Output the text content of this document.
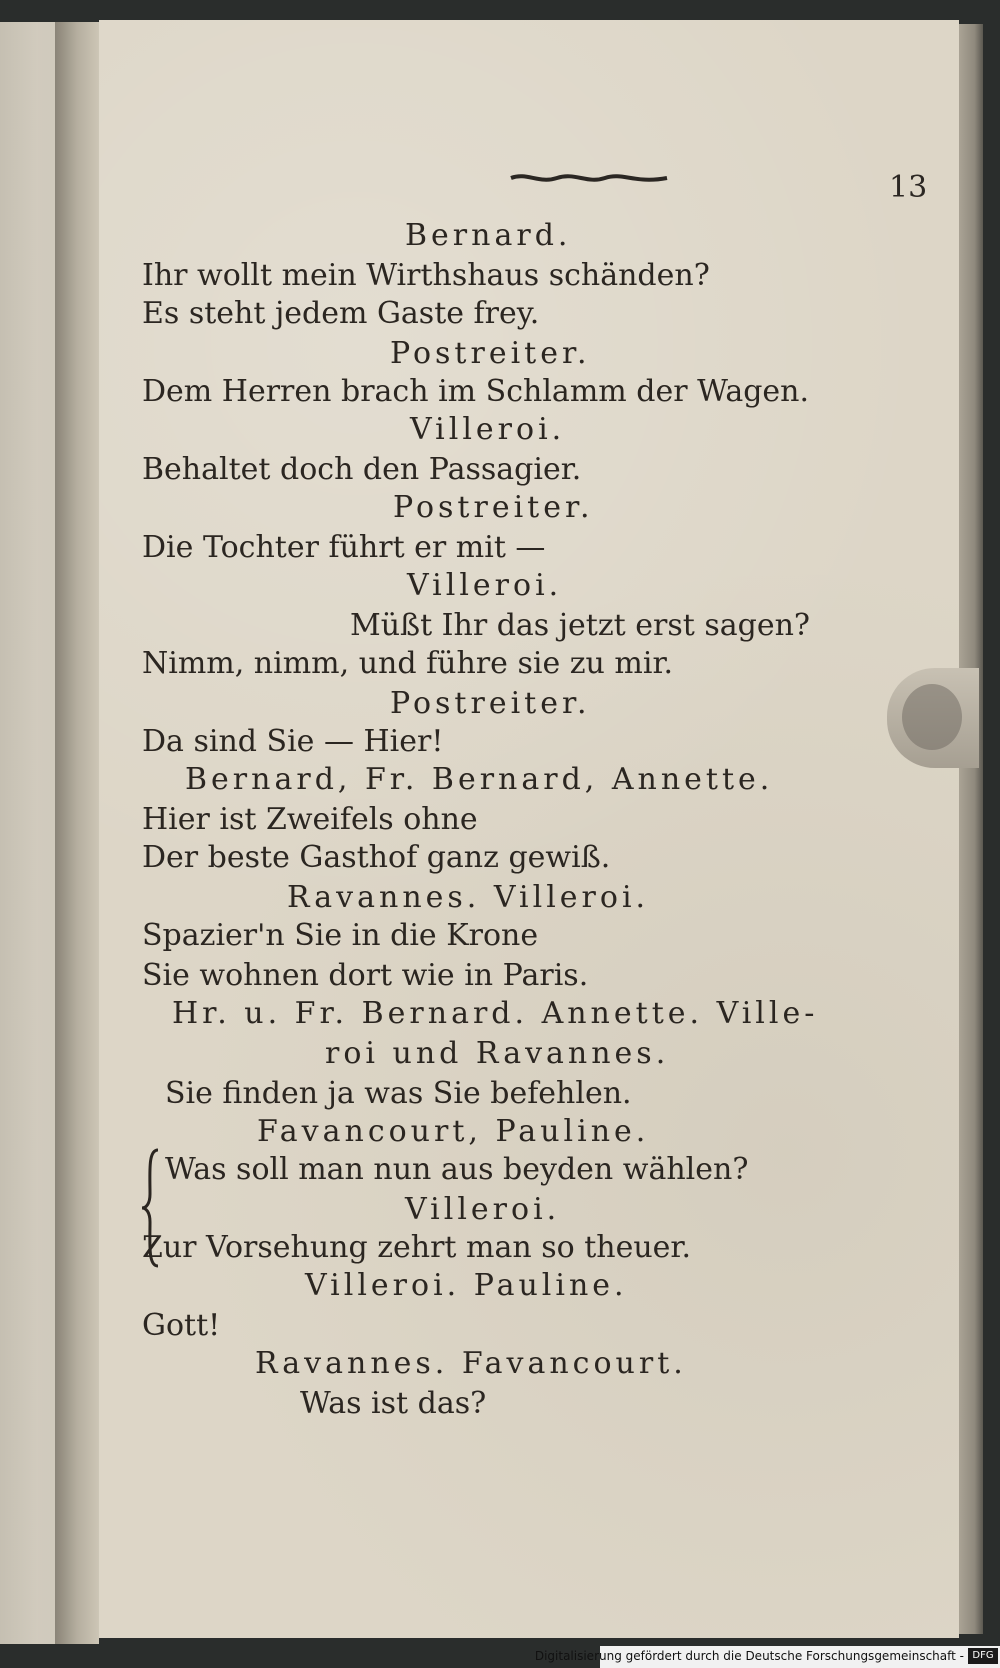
13
Bernard.
Ihr wollt mein Wirthshaus schänden?
Es steht jedem Gaste frey.
Postreiter.
Dem Herren brach im Schlamm der Wagen.
Villeroi.
Behaltet doch den Passagier.
Postreiter.
Die Tochter führt er mit —
Villeroi.
Müßt Ihr das jetzt erst sagen?
Nimm, nimm, und führe sie zu mir.
Postreiter.
Da sind Sie — Hier!
Bernard, Fr. Bernard, Annette.
Hier ist Zweifels ohne
Der beste Gasthof ganz gewiß.
Ravannes. Villeroi.
Spazier'n Sie in die Krone
Sie wohnen dort wie in Paris.
Hr. u. Fr. Bernard. Annette. Ville-
roi und Ravannes.
Sie finden ja was Sie befehlen.
Favancourt, Pauline.
Was soll man nun aus beyden wählen?
Villeroi.
Zur Vorsehung zehrt man so theuer.
Villeroi. Pauline.
Gott!
Ravannes. Favancourt.
Was ist das?
Digitalisierung gefördert durch die Deutsche Forschungsgemeinschaft - DFG
